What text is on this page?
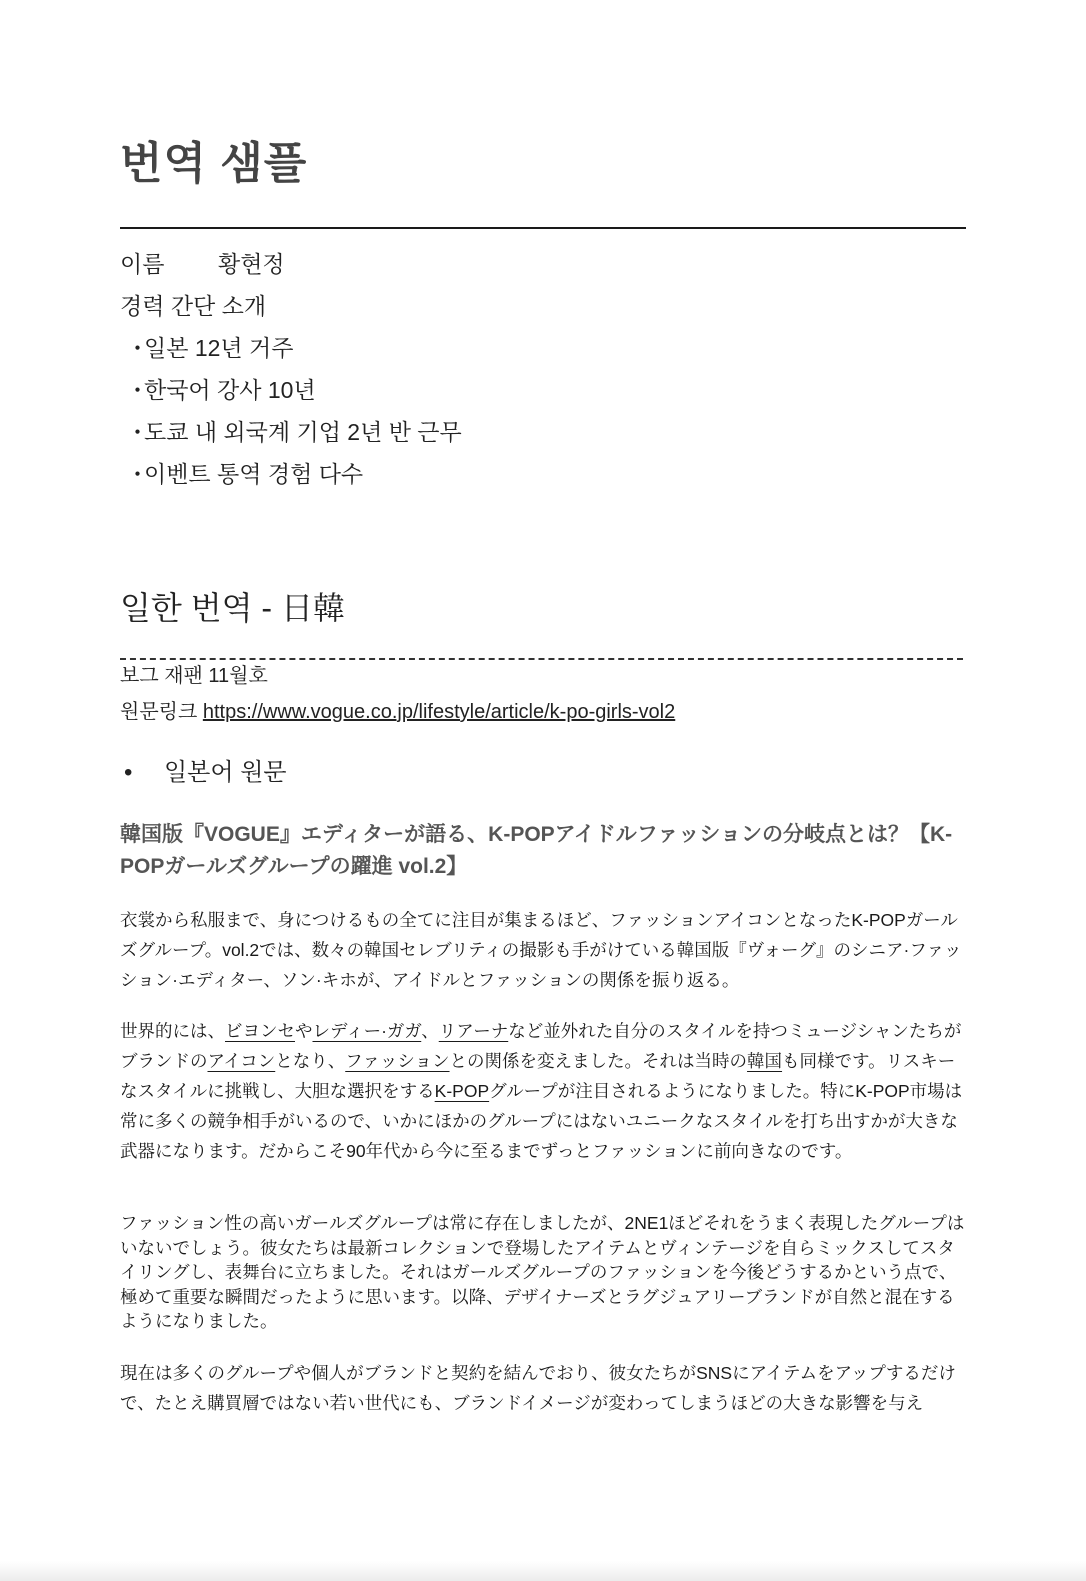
번역 샘플
이름 황현정
경력 간단 소개
・일본 12년 거주
・한국어 강사 10년
・도쿄 내 외국계 기업 2년 반 근무
・이벤트 통역 경험 다수
일한 번역 - 日韓
보그 재팬 11월호
원문링크 https://www.vogue.co.jp/lifestyle/article/k-po-girls-vol2
• 일본어 원문
韓国版『VOGUE』エディターが語る、K-POPアイドルファッションの分岐点とは？【K-POPガールズグループの躍進 vol.2】

衣裳から私服まで、身につけるもの全てに注目が集まるほど、ファッションアイコンとなったK-POPガールズグループ。vol.2では、数々の韓国セレブリティの撮影も手がけている韓国版『ヴォーグ』のシニア·ファッション·エディター、ソン·キホが、アイドルとファッションの関係を振り返る。

世界的には、ビヨンセやレディー·ガガ、リアーナなど並外れた自分のスタイルを持つミュージシャンたちがブランドのアイコンとなり、ファッションとの関係を変えました。それは当時の韓国も同様です。リスキーなスタイルに挑戦し、大胆な選択をするK-POPグループが注目されるようになりました。特にK-POP市場は常に多くの競争相手がいるので、いかにほかのグループにはないユニークなスタイルを打ち出すかが大きな武器になります。だからこそ90年代から今に至るまでずっとファッションに前向きなのです。

ファッション性の高いガールズグループは常に存在しましたが、2NE1ほどそれをうまく表現したグループはいないでしょう。彼女たちは最新コレクションで登場したアイテムとヴィンテージを自らミックスしてスタイリングし、表舞台に立ちました。それはガールズグループのファッションを今後どうするかという点で、極めて重要な瞬間だったように思います。以降、デザイナーズとラグジュアリーブランドが自然と混在するようになりました。

現在は多くのグループや個人がブランドと契約を結んでおり、彼女たちがSNSにアイテムをアップするだけで、たとえ購買層ではない若い世代にも、ブランドイメージが変わってしまうほどの大きな影響を与え
